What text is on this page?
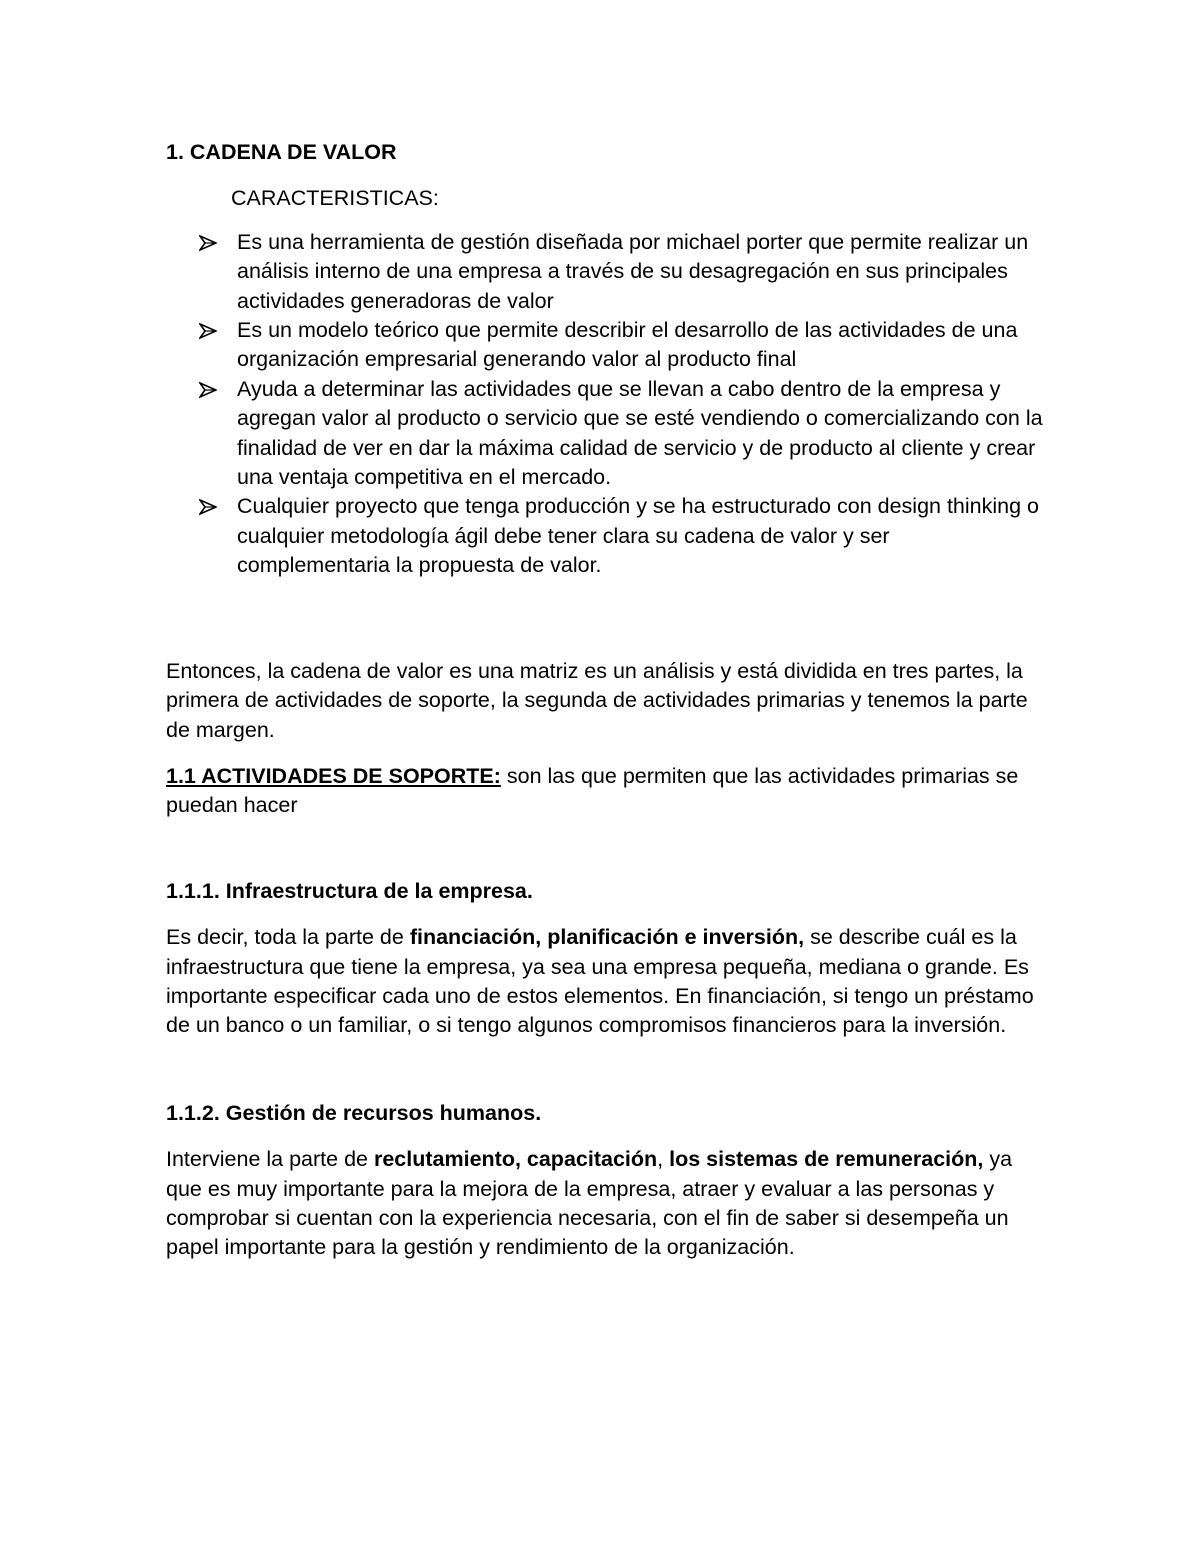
1. CADENA DE VALOR

CARACTERISTICAS:

Es una herramienta de gestión diseñada por michael porter que permite realizar un análisis interno de una empresa a través de su desagregación en sus principales actividades generadoras de valor
Es un modelo teórico que permite describir el desarrollo de las actividades de una organización empresarial generando valor al producto final
Ayuda a determinar las actividades que se llevan a cabo dentro de la empresa y agregan valor al producto o servicio que se esté vendiendo o comercializando con la finalidad de ver en dar la máxima calidad de servicio y de producto al cliente y crear una ventaja competitiva en el mercado.
Cualquier proyecto que tenga producción y se ha estructurado con design thinking o cualquier metodología ágil debe tener clara su cadena de valor y ser complementaria la propuesta de valor.

Entonces, la cadena de valor es una matriz es un análisis y está dividida en tres partes, la primera de actividades de soporte, la segunda de actividades primarias y tenemos la parte de margen.

1.1 ACTIVIDADES DE SOPORTE: son las que permiten que las actividades primarias se puedan hacer

1.1.1. Infraestructura de la empresa.

Es decir, toda la parte de financiación, planificación e inversión, se describe cuál es la infraestructura que tiene la empresa, ya sea una empresa pequeña, mediana o grande. Es importante especificar cada uno de estos elementos. En financiación, si tengo un préstamo de un banco o un familiar, o si tengo algunos compromisos financieros para la inversión.

1.1.2. Gestión de recursos humanos.

Interviene la parte de reclutamiento, capacitación, los sistemas de remuneración, ya que es muy importante para la mejora de la empresa, atraer y evaluar a las personas y comprobar si cuentan con la experiencia necesaria, con el fin de saber si desempeña un papel importante para la gestión y rendimiento de la organización.
